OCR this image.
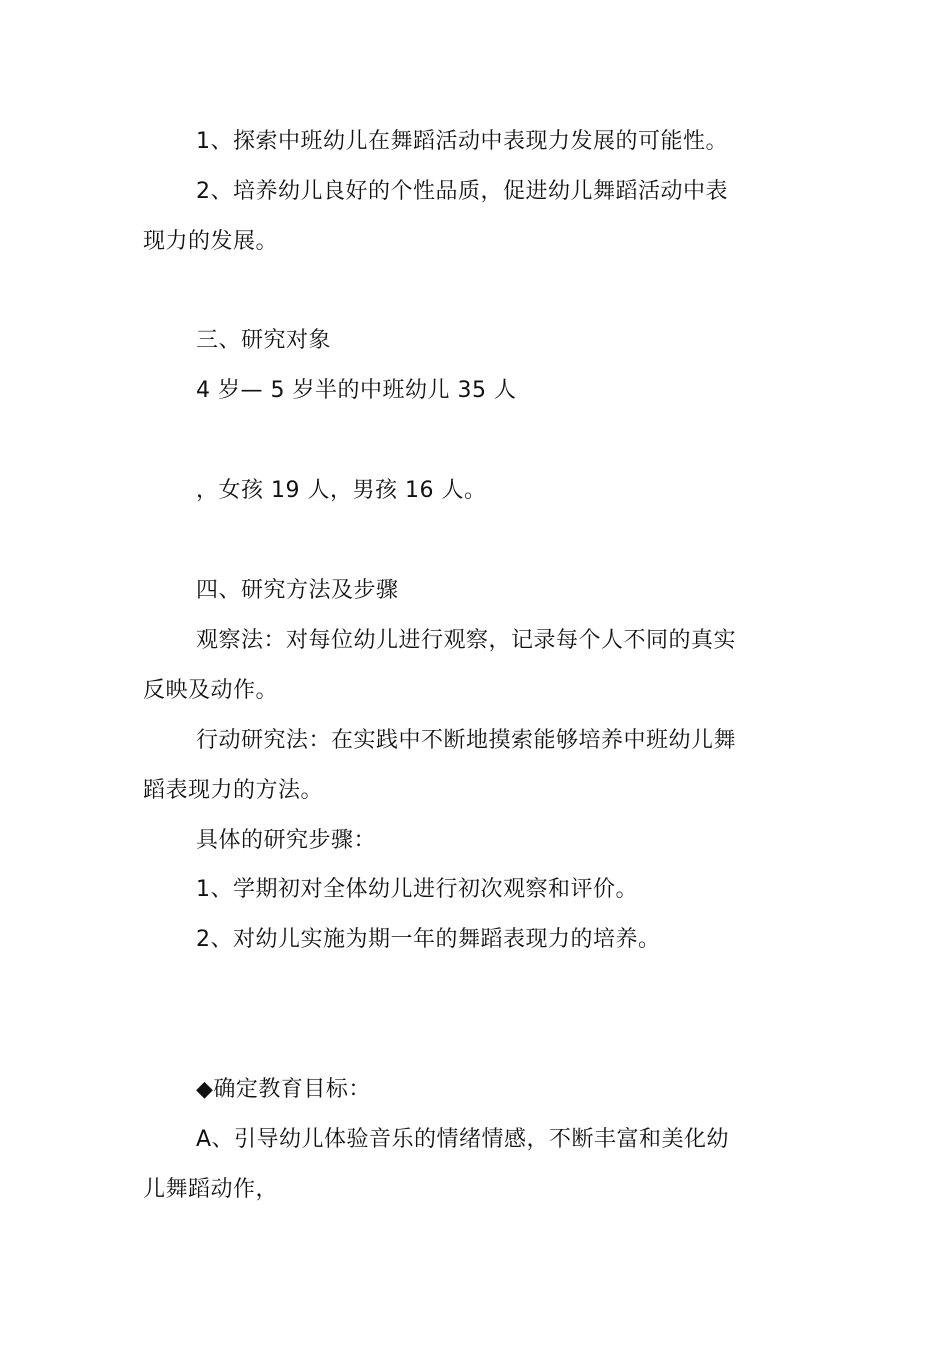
1、探索中班幼儿在舞蹈活动中表现力发展的可能性。
2、培养幼儿良好的个性品质，促进幼儿舞蹈活动中表
现力的发展。
三、研究对象
4 岁— 5 岁半的中班幼儿 35 人
，女孩 19 人，男孩 16 人。
四、研究方法及步骤
观察法：对每位幼儿进行观察，记录每个人不同的真实
反映及动作。
行动研究法：在实践中不断地摸索能够培养中班幼儿舞
蹈表现力的方法。
具体的研究步骤：
1、学期初对全体幼儿进行初次观察和评价。
2、对幼儿实施为期一年的舞蹈表现力的培养。
◆确定教育目标：
A、引导幼儿体验音乐的情绪情感，不断丰富和美化幼
儿舞蹈动作，
